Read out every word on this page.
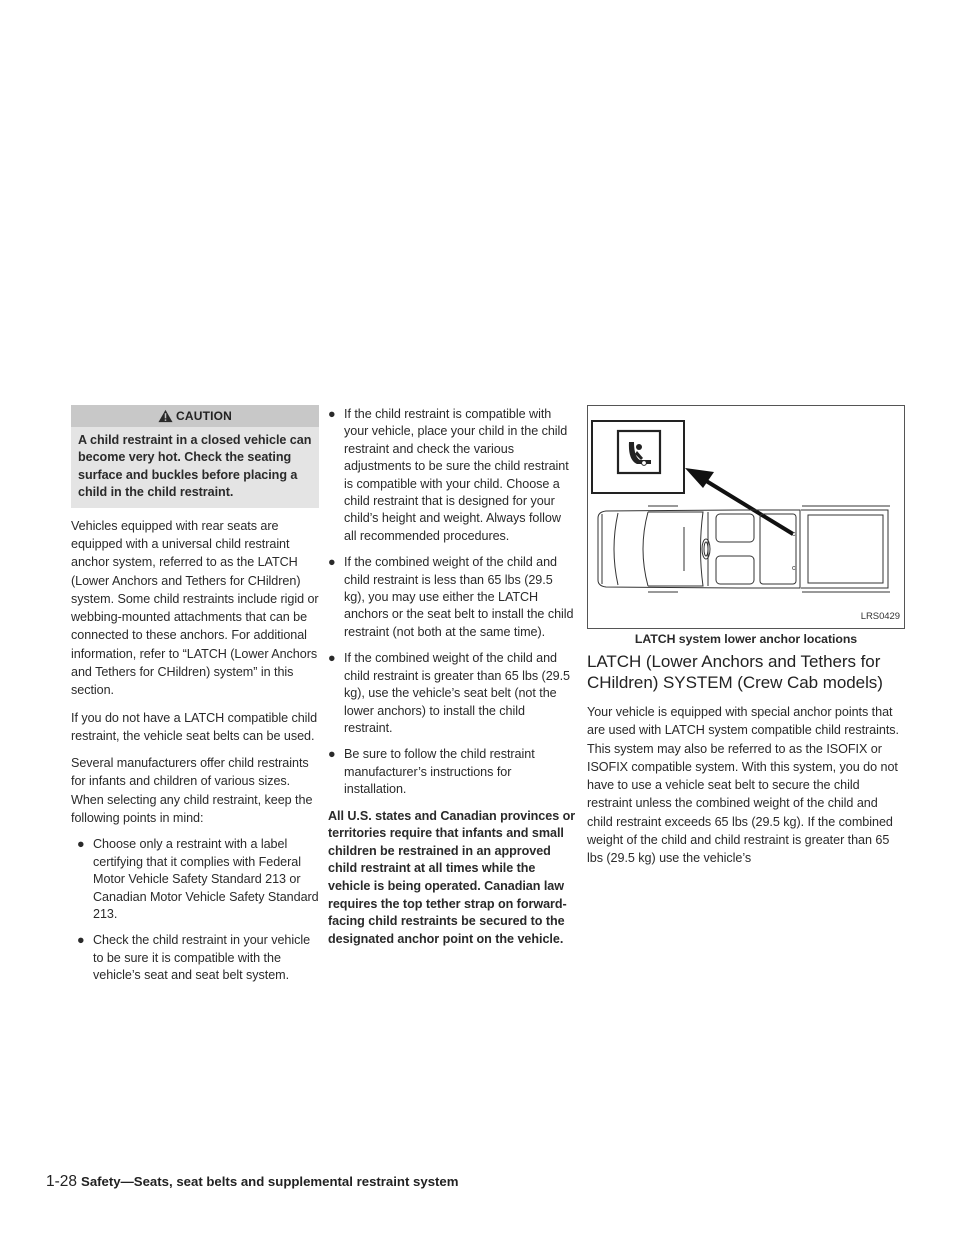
CAUTION
A child restraint in a closed vehicle can become very hot. Check the seating surface and buckles before placing a child in the child restraint.

Vehicles equipped with rear seats are equipped with a universal child restraint anchor system, referred to as the LATCH (Lower Anchors and Tethers for CHildren) system. Some child restraints include rigid or webbing-mounted attachments that can be connected to these anchors. For additional information, refer to “LATCH (Lower Anchors and Tethers for CHildren) system” in this section.

If you do not have a LATCH compatible child restraint, the vehicle seat belts can be used.

Several manufacturers offer child restraints for infants and children of various sizes. When selecting any child restraint, keep the following points in mind:

● Choose only a restraint with a label certifying that it complies with Federal Motor Vehicle Safety Standard 213 or Canadian Motor Vehicle Safety Standard 213.
● Check the child restraint in your vehicle to be sure it is compatible with the vehicle’s seat and seat belt system.
● If the child restraint is compatible with your vehicle, place your child in the child restraint and check the various adjustments to be sure the child restraint is compatible with your child. Choose a child restraint that is designed for your child’s height and weight. Always follow all recommended procedures.
● If the combined weight of the child and child restraint is less than 65 lbs (29.5 kg), you may use either the LATCH anchors or the seat belt to install the child restraint (not both at the same time).
● If the combined weight of the child and child restraint is greater than 65 lbs (29.5 kg), use the vehicle’s seat belt (not the lower anchors) to install the child restraint.
● Be sure to follow the child restraint manufacturer’s instructions for installation.

All U.S. states and Canadian provinces or territories require that infants and small children be restrained in an approved child restraint at all times while the vehicle is being operated. Canadian law requires the top tether strap on forward-facing child restraints be secured to the designated anchor point on the vehicle.

c
c
LRS0429
LATCH system lower anchor locations
LATCH (Lower Anchors and Tethers for CHildren) SYSTEM (Crew Cab models)

Your vehicle is equipped with special anchor points that are used with LATCH system compatible child restraints. This system may also be referred to as the ISOFIX or ISOFIX compatible system. With this system, you do not have to use a vehicle seat belt to secure the child restraint unless the combined weight of the child and child restraint exceeds 65 lbs (29.5 kg). If the combined weight of the child and child restraint is greater than 65 lbs (29.5 kg) use the vehicle’s

1-28 Safety—Seats, seat belts and supplemental restraint system
